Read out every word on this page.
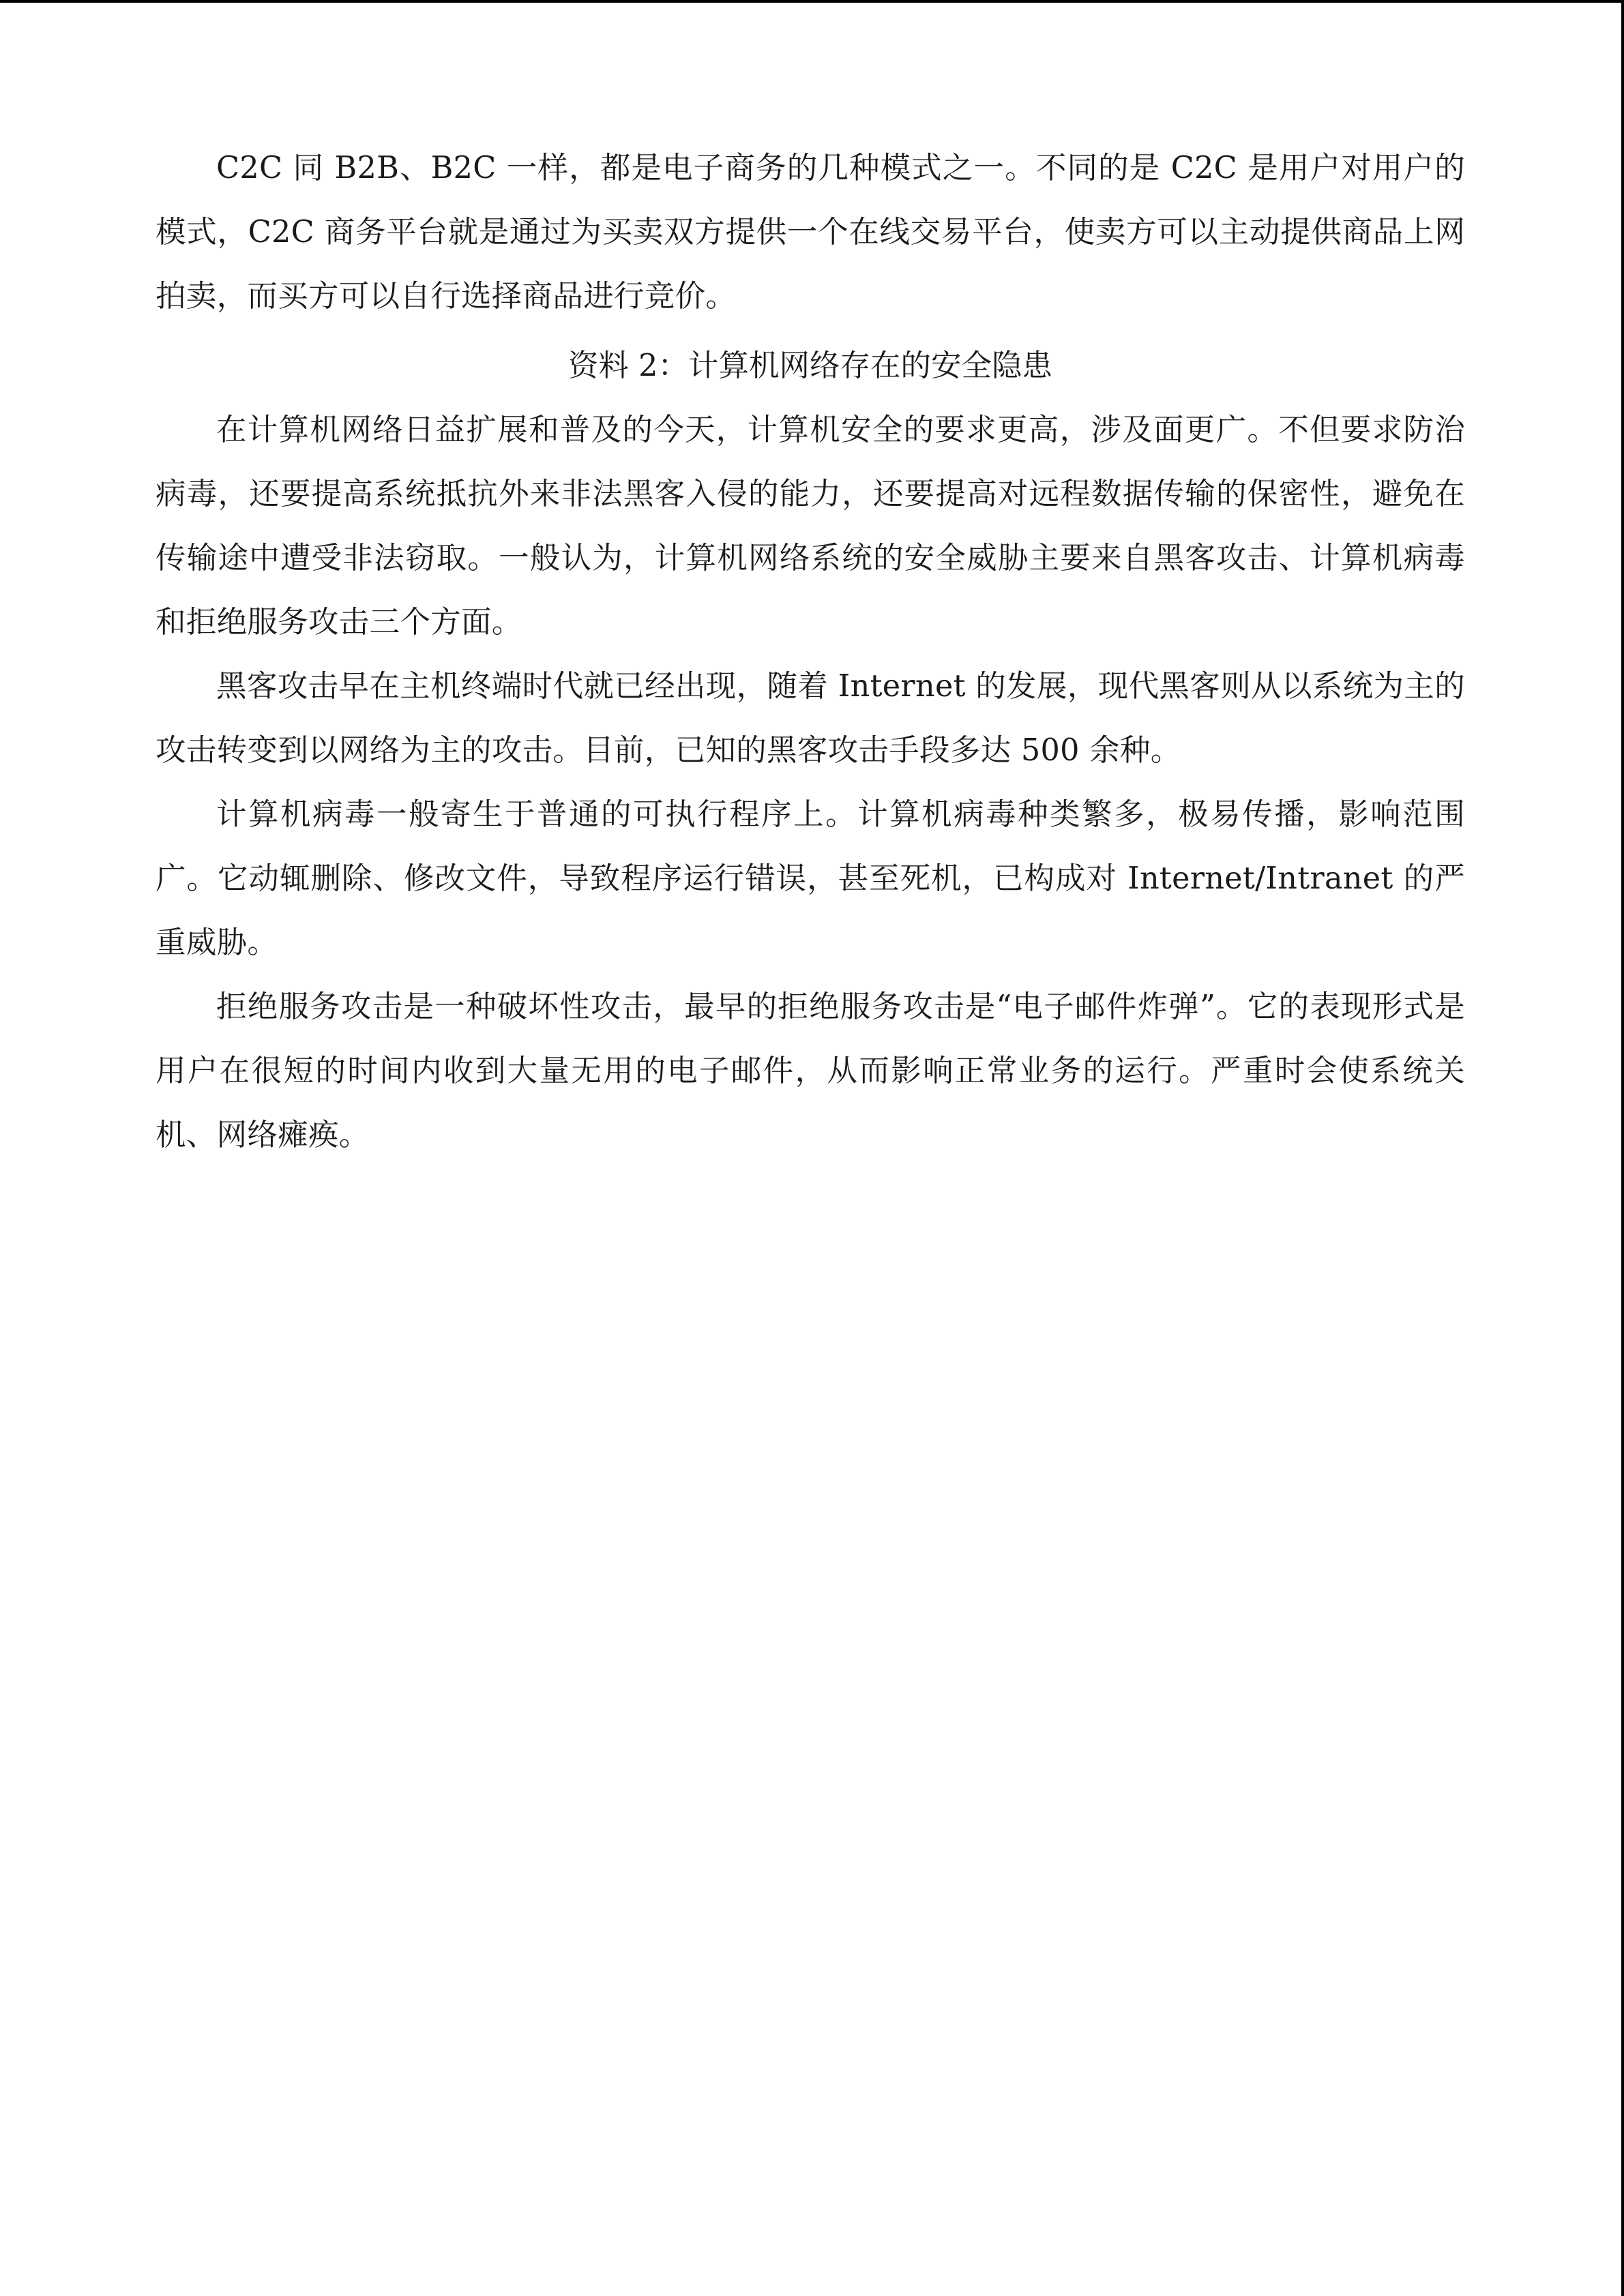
C2C 同 B2B、B2C 一样，都是电子商务的几种模式之一。不同的是 C2C 是用户对用户的模式，C2C 商务平台就是通过为买卖双方提供一个在线交易平台，使卖方可以主动提供商品上网拍卖，而买方可以自行选择商品进行竞价。

资料 2：计算机网络存在的安全隐患

在计算机网络日益扩展和普及的今天，计算机安全的要求更高，涉及面更广。不但要求防治病毒，还要提高系统抵抗外来非法黑客入侵的能力，还要提高对远程数据传输的保密性，避免在传输途中遭受非法窃取。一般认为，计算机网络系统的安全威胁主要来自黑客攻击、计算机病毒和拒绝服务攻击三个方面。

黑客攻击早在主机终端时代就已经出现，随着 Internet 的发展，现代黑客则从以系统为主的攻击转变到以网络为主的攻击。目前，已知的黑客攻击手段多达 500 余种。

计算机病毒一般寄生于普通的可执行程序上。计算机病毒种类繁多，极易传播，影响范围广。它动辄删除、修改文件，导致程序运行错误，甚至死机，已构成对 Internet/Intranet 的严重威胁。

拒绝服务攻击是一种破坏性攻击，最早的拒绝服务攻击是“电子邮件炸弹”。它的表现形式是用户在很短的时间内收到大量无用的电子邮件，从而影响正常业务的运行。严重时会使系统关机、网络瘫痪。
